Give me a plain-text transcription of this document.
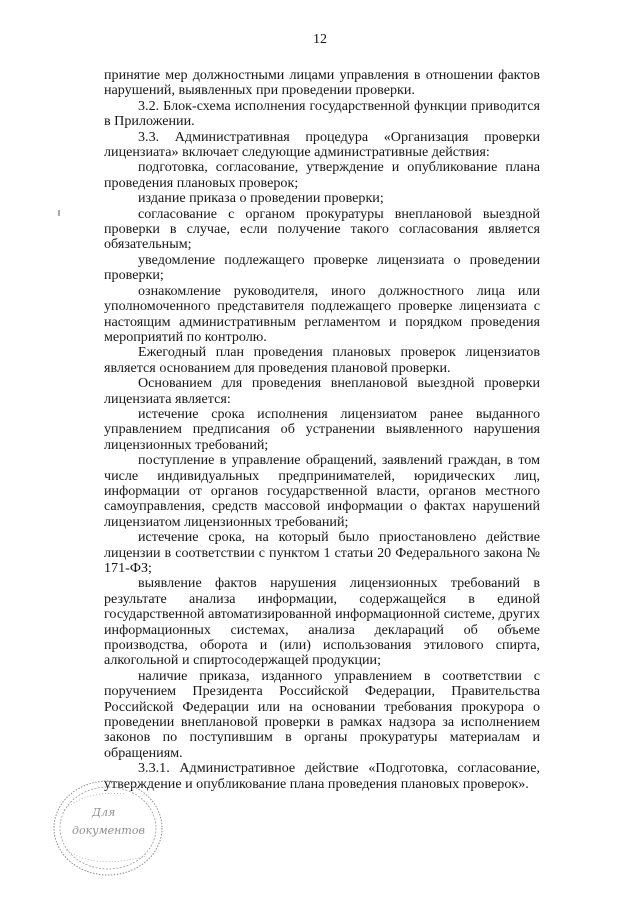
12

принятие мер должностными лицами управления в отношении фактов нарушений, выявленных при проведении проверки.

3.2. Блок-схема исполнения государственной функции приводится в Приложении.

3.3. Административная процедура «Организация проверки лицензиата» включает следующие административные действия:

подготовка, согласование, утверждение и опубликование плана проведения плановых проверок;

издание приказа о проведении проверки;

согласование с органом прокуратуры внеплановой выездной проверки в случае, если получение такого согласования является обязательным;

уведомление подлежащего проверке лицензиата о проведении проверки;

ознакомление руководителя, иного должностного лица или уполномоченного представителя подлежащего проверке лицензиата с настоящим административным регламентом и порядком проведения мероприятий по контролю.

Ежегодный план проведения плановых проверок лицензиатов является основанием для проведения плановой проверки.

Основанием для проведения внеплановой выездной проверки лицензиата является:

истечение срока исполнения лицензиатом ранее выданного управлением предписания об устранении выявленного нарушения лицензионных требований;

поступление в управление обращений, заявлений граждан, в том числе индивидуальных предпринимателей, юридических лиц, информации от органов государственной власти, органов местного самоуправления, средств массовой информации о фактах нарушений лицензиатом лицензионных требований;

истечение срока, на который было приостановлено действие лицензии в соответствии с пунктом 1 статьи 20 Федерального закона № 171-ФЗ;

выявление фактов нарушения лицензионных требований в результате анализа информации, содержащейся в единой государственной автоматизированной информационной системе, других информационных системах, анализа деклараций об объеме производства, оборота и (или) использования этилового спирта, алкогольной и спиртосодержащей продукции;

наличие приказа, изданного управлением в соответствии с поручением Президента Российской Федерации, Правительства Российской Федерации или на основании требования прокурора о проведении внеплановой проверки в рамках надзора за исполнением законов по поступившим в органы прокуратуры материалам и обращениям.

3.3.1. Административное действие «Подготовка, согласование, утверждение и опубликование плана проведения плановых проверок».

Для
документов
